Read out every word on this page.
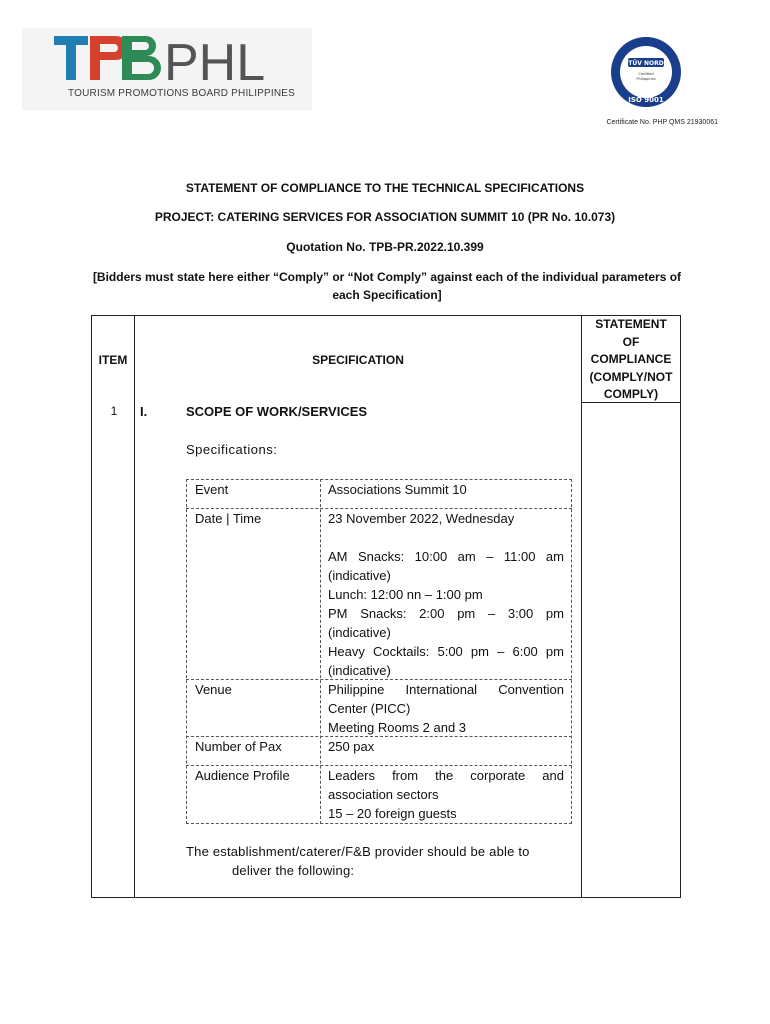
PHL
TOURISM PROMOTIONS BOARD PHILIPPINES
TÜV NORD
Certified
Philippines
ISO 9001
Certificate No. PHP QMS 21930061
STATEMENT OF COMPLIANCE TO THE TECHNICAL SPECIFICATIONS
PROJECT: CATERING SERVICES FOR ASSOCIATION SUMMIT 10 (PR No. 10.073)
Quotation No. TPB-PR.2022.10.399
[Bidders must state here either “Comply” or “Not Comply” against each of the individual parameters of each Specification]
ITEM	SPECIFICATION
STATEMENT
OF
COMPLIANCE
(COMPLY/NOT
COMPLY)
1	I.	SCOPE OF WORK/SERVICES
Specifications:
Event	Associations Summit 10
Date | Time	23 November 2022, Wednesday
AM Snacks: 10:00 am – 11:00 am (indicative)
Lunch: 12:00 nn – 1:00 pm
PM Snacks: 2:00 pm – 3:00 pm (indicative)
Heavy Cocktails: 5:00 pm – 6:00 pm (indicative)
Venue	Philippine International Convention Center (PICC)
Meeting Rooms 2 and 3
Number of Pax	250 pax
Audience Profile	Leaders from the corporate and association sectors
15 – 20 foreign guests
The establishment/caterer/F&B provider should be able to
deliver the following:
